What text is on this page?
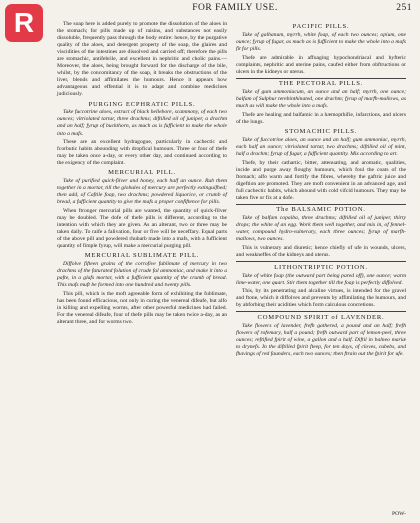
R	FOR FAMILY USE.	251

The soap here is added purely to promote the dissolution of the aloes in the stomach; for pills made up of raisins, and substances not easily dissoluble, frequently pass through the body entire: hence, by the purgative quality of the aloes, and detergent property of the soap, the glaires and viscidities of the intestines are dissolved and carried off; therefore the pills are stomachic, antifebrile, and excellent in nephritic and cholic pains.—Moreover, the aloes, being brought forward for the discharge of the bile, whilst, by the concomitancy of the soap, it breaks the obstructions of the liver, blends and affimilates the humours. Hence it appears how advantageous and effential it is to adapt and combine medicines judiciously.

PURGING ECPHRATIC PILLS.

Take fuccotrine aloes, extract of black hellebore, scammony, of each two ounces; vitriolated tartar, three drachms; diftilled oil of juniper, a drachm and an half; fyrup of buckthorn, as much as is fufficient to make the whole into a mafs.

These are an excellent hydragogue, particularly in cachectic and fcorbutic habits abounding with dropfical humours. Three or four of thefe may be taken once a-day, or every other day, and continued according to the exigency of the complaint.

MERCURIAL PILL.

Take of purified quick-filver and honey, each half an ounce. Rub them together in a mortar, till the globules of mercury are perfectly extinguifhed; then add, of Caftile foap, two drachms; powdered liquorice, or crumb of bread, a fufficient quantity to give the mafs a proper confiftence for pills.

When ftronger mercurial pills are wanted, the quantity of quick-filver may be doubled. The dofe of thefe pills is different, according to the intention with which they are given. As an alterant, two or three may be taken daily. To raife a falivation, four or five will be neceffary. Equal parts of the above pill and powdered rhubarb made into a mafs, with a fufficient quantity of fimple fyrup, will make a mercurial purging pill.

MERCURIAL SUBLIMATE PILL.

Diffolve fifteen grains of the corrofive fublimate of mercury in two drachms of the faturated folution of crude fal ammoniac, and make it into a pafte, in a glafs mortar, with a fufficient quantity of the crumb of bread. This mafs muft be formed into one hundred and twenty pills.

This pill, which is the moft agreeable form of exhibiting the fublimate, has been found efficacious, not only in curing the venereal difeafe, but alfo in killing and expelling worms, after other powerful medicines had failed. For the venereal difeafe, four of thefe pills may be taken twice a-day, as an alterant three, and for worms two.

PACIFIC PILLS.

Take of galbanum, myrrh, white foap, of each two ounces; opium, one ounce; fyrup of fugar, as much as is fufficient to make the whole into a mafs fit for pills.

Thefe are admirable in affuaging hypochondriacal and hyfteric complaints, nephritic and uterine pains, caufed either from obftructions or ulcers in the kidneys or uterus.

THE PECTORAL PILLS.

Take of gum ammoniacum, an ounce and an half; myrrh, one ounce; balfam of Sulphur terebinthinated, one drachm; fyrup of marfh-mallows, as much as will make the whole into a mafs.

Thefe are healing and balfamic in a hæmopthifie, infarctions, and ulcers of the lungs.

STOMACHIC PILLS.

Take of fuccotrine aloes, an ounce and an half; gum ammoniac, myrrh, each half an ounce; vitriolated tartar, two drachms; diftilled oil of mint, half a drachm; fyrup of fugar, a fufficient quantity. Mix according to art.

Thefe, by their cathartic, bitter, attenuating, and aromatic, qualities, incide and purge away floughy humours, which foul the coats of the ftomach; alfo warm and fortify the fibres, whereby the gaftric juice and digeftion are promoted. They are moft convenient in an advanced age, and full cachectic habits, which abound with cold vifcid humours. They may be taken five or fix at a dofe.

The BALSAMIC POTION.

Take of balfam copaiba, three drachms; diftilled oil of juniper, thirty drops; the white of an egg. Work them well together, and mix in, of fennel-water, compound hydro-vulnerary, each three ounces; fyrup of marfh-mallows, two ounces.

This is vulnerary and diuretic; hence chiefly of ufe in wounds, ulcers, and weakneffes of the kidneys and uterus.

LITHONTRIPTIC POTION.

Take of white foap (the outward part being pared off), one ounce; warm lime-water, one quart. Stir them together till the foap is perfectly diffolved.

This, by its penetrating and alcaline virtues, is intended for the gravel and ftone, which it diffolves and prevents by affimilating the humours, and by abforbing their acidities which form calculous concretions.

COMPOUND SPIRIT of LAVENDER.

Take flowers of lavender, frefh gathered, a pound and an half; frefh flowers of rofemary, half a pound; frefh outward part of lemon-peel, three ounces; reftified fpirit of wine, a gallon and a half. Diftil in balneo mariæ to drynefs. In the diftilled fpirit fteep, for ten days, of cloves, cubebs, and fhavings of red faunders, each two ounces; then ftrain out the fpirit for ufe.

POW-
